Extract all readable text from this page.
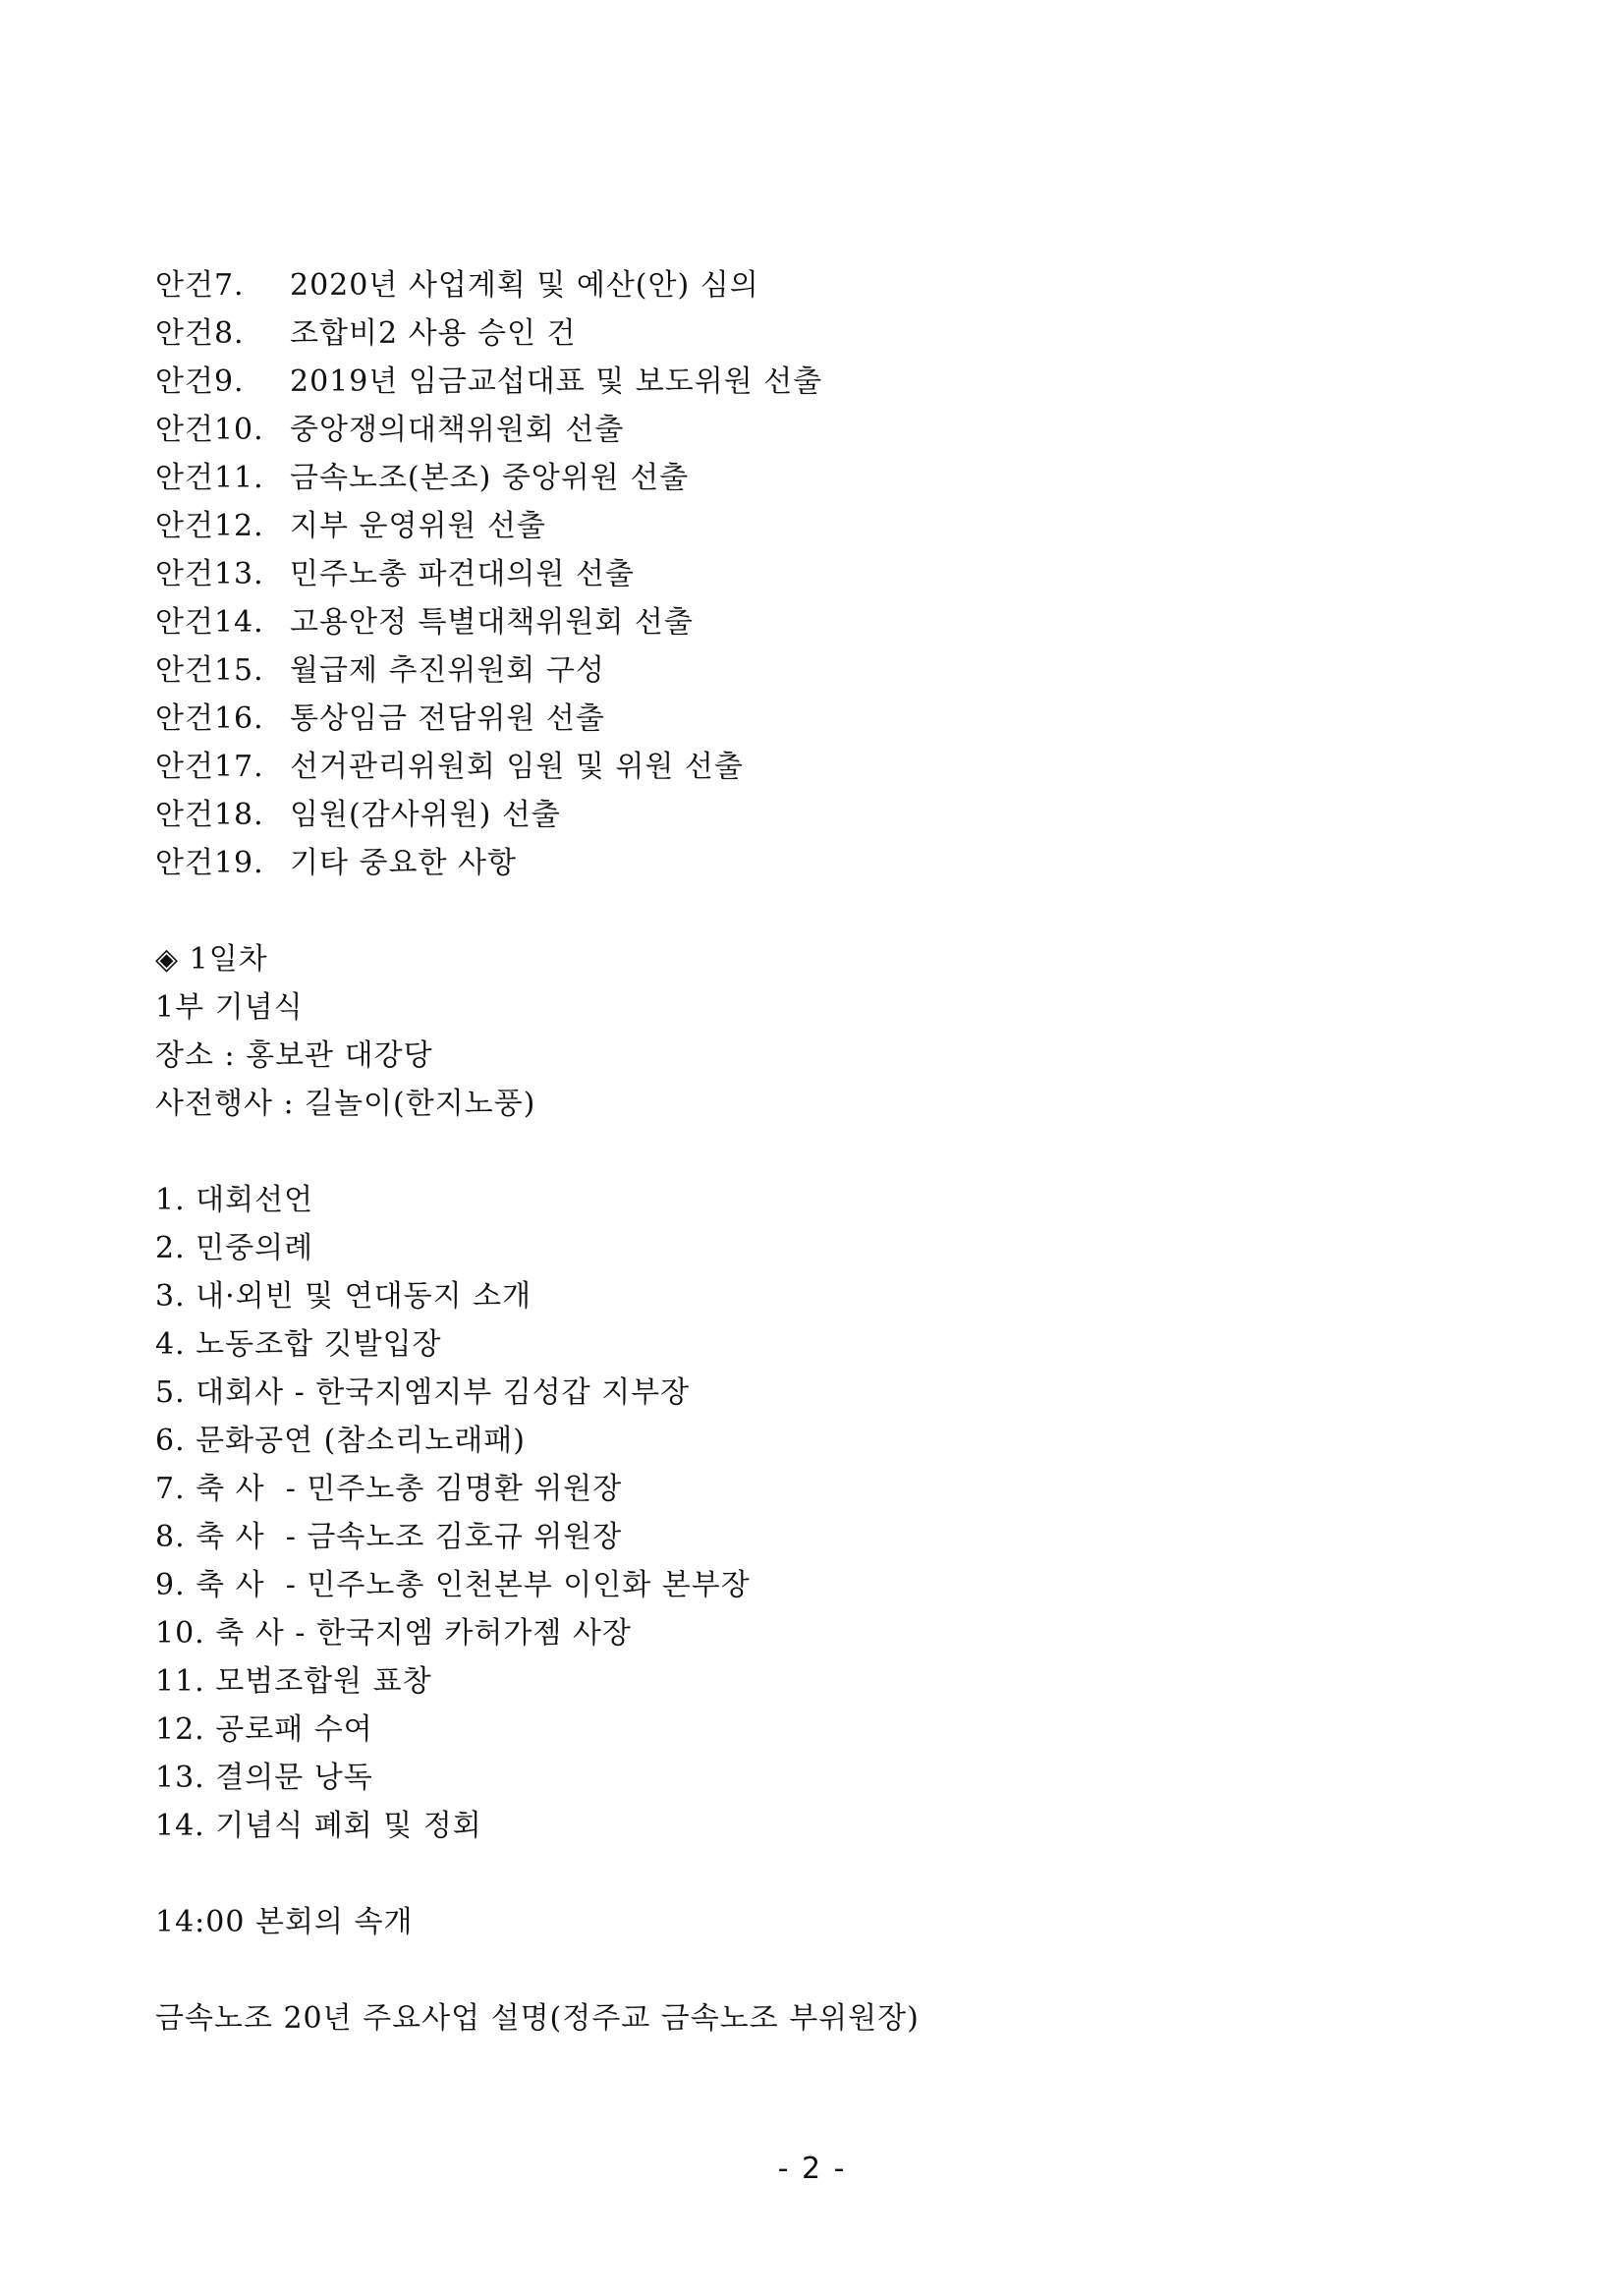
안건7.	2020년 사업계획 및 예산(안) 심의
안건8.	조합비2 사용 승인 건
안건9.	2019년 임금교섭대표 및 보도위원 선출
안건10. 중앙쟁의대책위원회 선출
안건11. 금속노조(본조) 중앙위원 선출
안건12. 지부 운영위원 선출
안건13. 민주노총 파견대의원 선출
안건14. 고용안정 특별대책위원회 선출
안건15. 월급제 추진위원회 구성
안건16. 통상임금 전담위원 선출
안건17. 선거관리위원회 임원 및 위원 선출
안건18. 임원(감사위원) 선출
안건19. 기타 중요한 사항
◈ 1일차
1부 기념식
장소 : 홍보관 대강당
사전행사 : 길놀이(한지노풍)
1. 대회선언
2. 민중의례
3. 내·외빈 및 연대동지 소개
4. 노동조합 깃발입장
5. 대회사 - 한국지엠지부 김성갑 지부장
6. 문화공연 (참소리노래패)
7. 축 사  - 민주노총 김명환 위원장
8. 축 사  - 금속노조 김호규 위원장
9. 축 사  - 민주노총 인천본부 이인화 본부장
10. 축 사 - 한국지엠 카허가젬 사장
11. 모범조합원 표창
12. 공로패 수여
13. 결의문 낭독
14. 기념식 폐회 및 정회
14:00 본회의 속개
금속노조 20년 주요사업 설명(정주교 금속노조 부위원장)
- 2 -
